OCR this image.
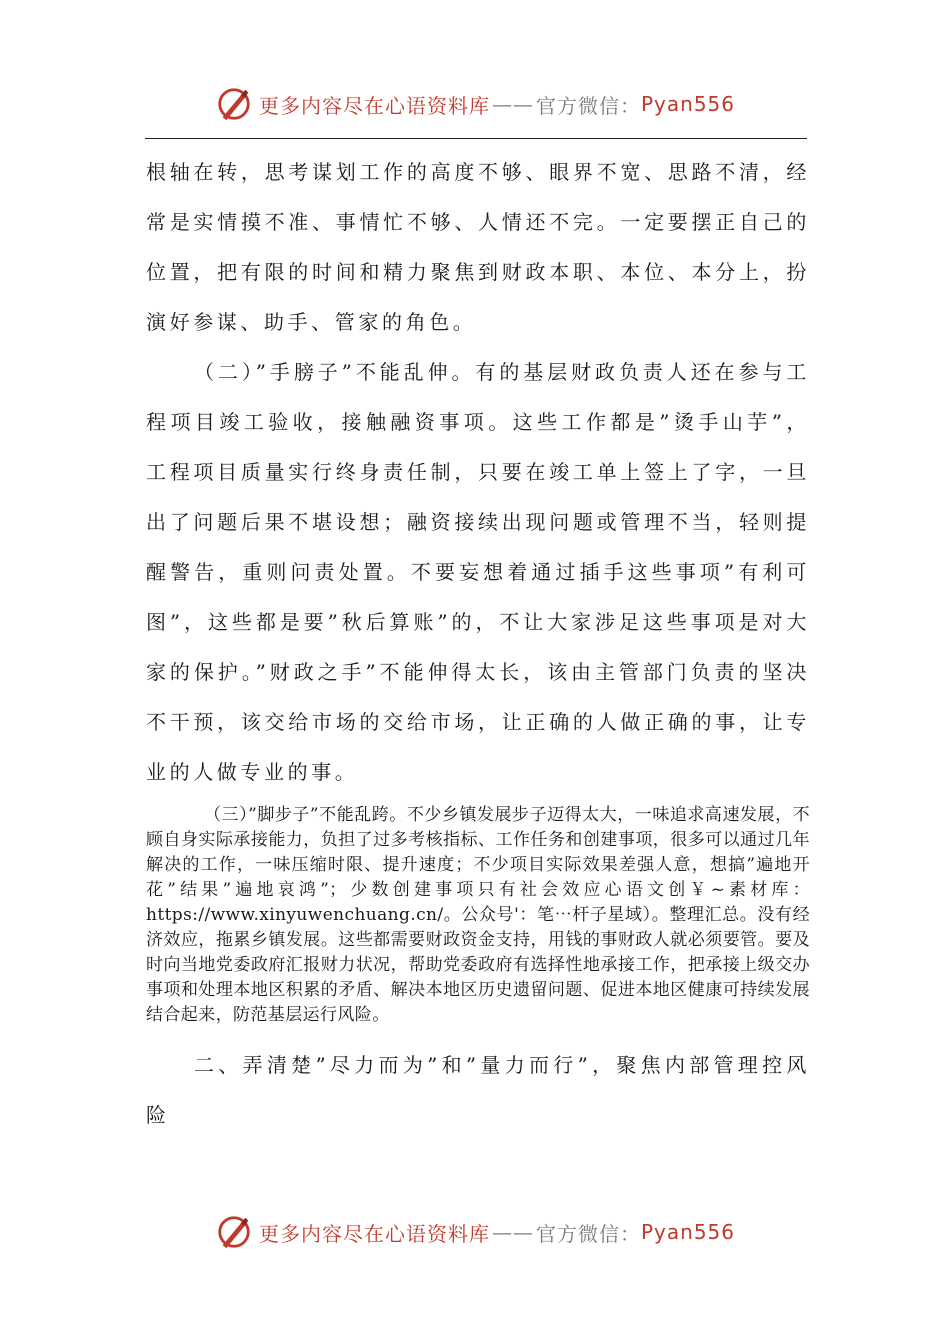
更多内容尽在心语资料库 —— 官方微信： Pyan556

根轴在转，思考谋划工作的高度不够、眼界不宽、思路不清，经常是实情摸不准、事情忙不够、人情还不完。一定要摆正自己的位置，把有限的时间和精力聚焦到财政本职、本位、本分上，扮演好参谋、助手、管家的角色。

（二）”手膀子”不能乱伸。有的基层财政负责人还在参与工程项目竣工验收，接触融资事项。这些工作都是”烫手山芋”，工程项目质量实行终身责任制，只要在竣工单上签上了字，一旦出了问题后果不堪设想；融资接续出现问题或管理不当，轻则提醒警告，重则问责处置。不要妄想着通过插手这些事项”有利可图”，这些都是要”秋后算账”的，不让大家涉足这些事项是对大家的保护。”财政之手”不能伸得太长，该由主管部门负责的坚决不干预，该交给市场的交给市场，让正确的人做正确的事，让专业的人做专业的事。

（三）”脚步子”不能乱跨。不少乡镇发展步子迈得太大，一味追求高速发展，不顾自身实际承接能力，负担了过多考核指标、工作任务和创建事项，很多可以通过几年解决的工作，一味压缩时限、提升速度；不少项目实际效果差强人意，想搞”遍地开花”结果”遍地哀鸿”；少数创建事项只有社会效应心语文创￥~素材库：https://www.xinyuwenchuang.cn/。公众号'：笔⋯杆子星域）。整理汇总。没有经济效应，拖累乡镇发展。这些都需要财政资金支持，用钱的事财政人就必须要管。要及时向当地党委政府汇报财力状况，帮助党委政府有选择性地承接工作，把承接上级交办事项和处理本地区积累的矛盾、解决本地区历史遗留问题、促进本地区健康可持续发展结合起来，防范基层运行风险。

二、弄清楚”尽力而为”和”量力而行”，聚焦内部管理控风险

更多内容尽在心语资料库 —— 官方微信： Pyan556
